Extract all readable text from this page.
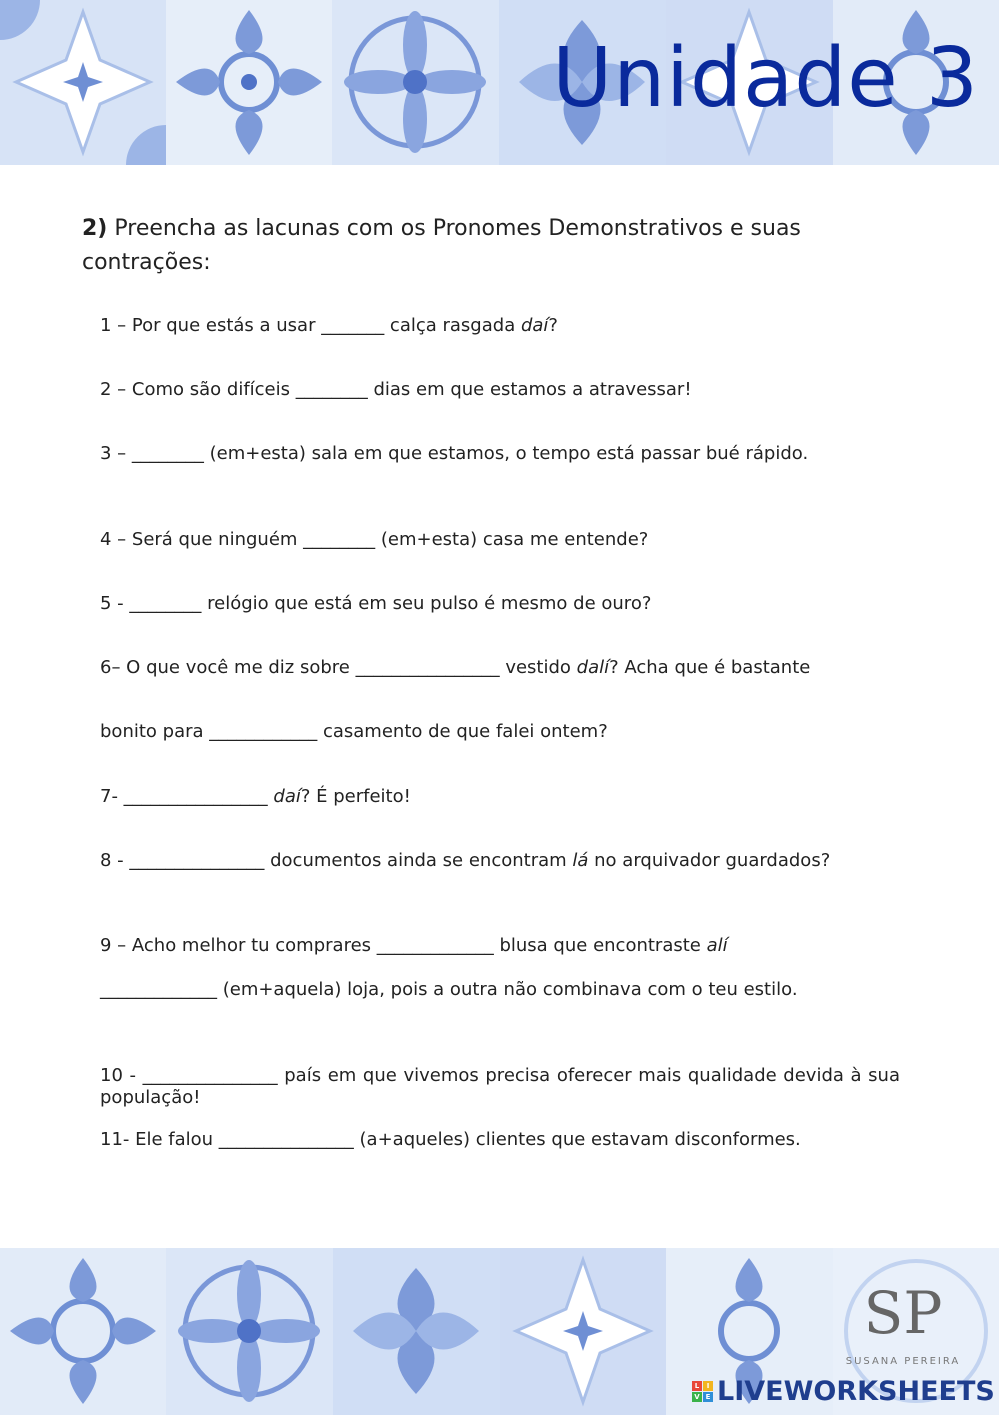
Unidade 3

2) Preencha as lacunas com os Pronomes Demonstrativos e suas contrações:

1 – Por que estás a usar _______ calça rasgada daí?

2 – Como são difíceis ________ dias em que estamos a atravessar!

3 – ________ (em+esta) sala em que estamos, o tempo está passar bué rápido.

4 – Será que ninguém ________ (em+esta) casa me entende?

5 - ________ relógio que está em seu pulso é mesmo de ouro?

6– O que você me diz sobre ________________ vestido dalí? Acha que é bastante

bonito para ____________ casamento de que falei ontem?

7- ________________ daí? É perfeito!

8 - _______________ documentos ainda se encontram lá no arquivador guardados?

9 – Acho melhor tu comprares _____________ blusa que encontraste alí

_____________ (em+aquela) loja, pois a outra não combinava com o teu estilo.

10 - _______________ país em que vivemos precisa oferecer mais qualidade devida à sua população!

11- Ele falou _______________ (a+aqueles) clientes que estavam disconformes.

SP
SUSANA PEREIRA
L	I
V E LIVEWORKSHEETS
